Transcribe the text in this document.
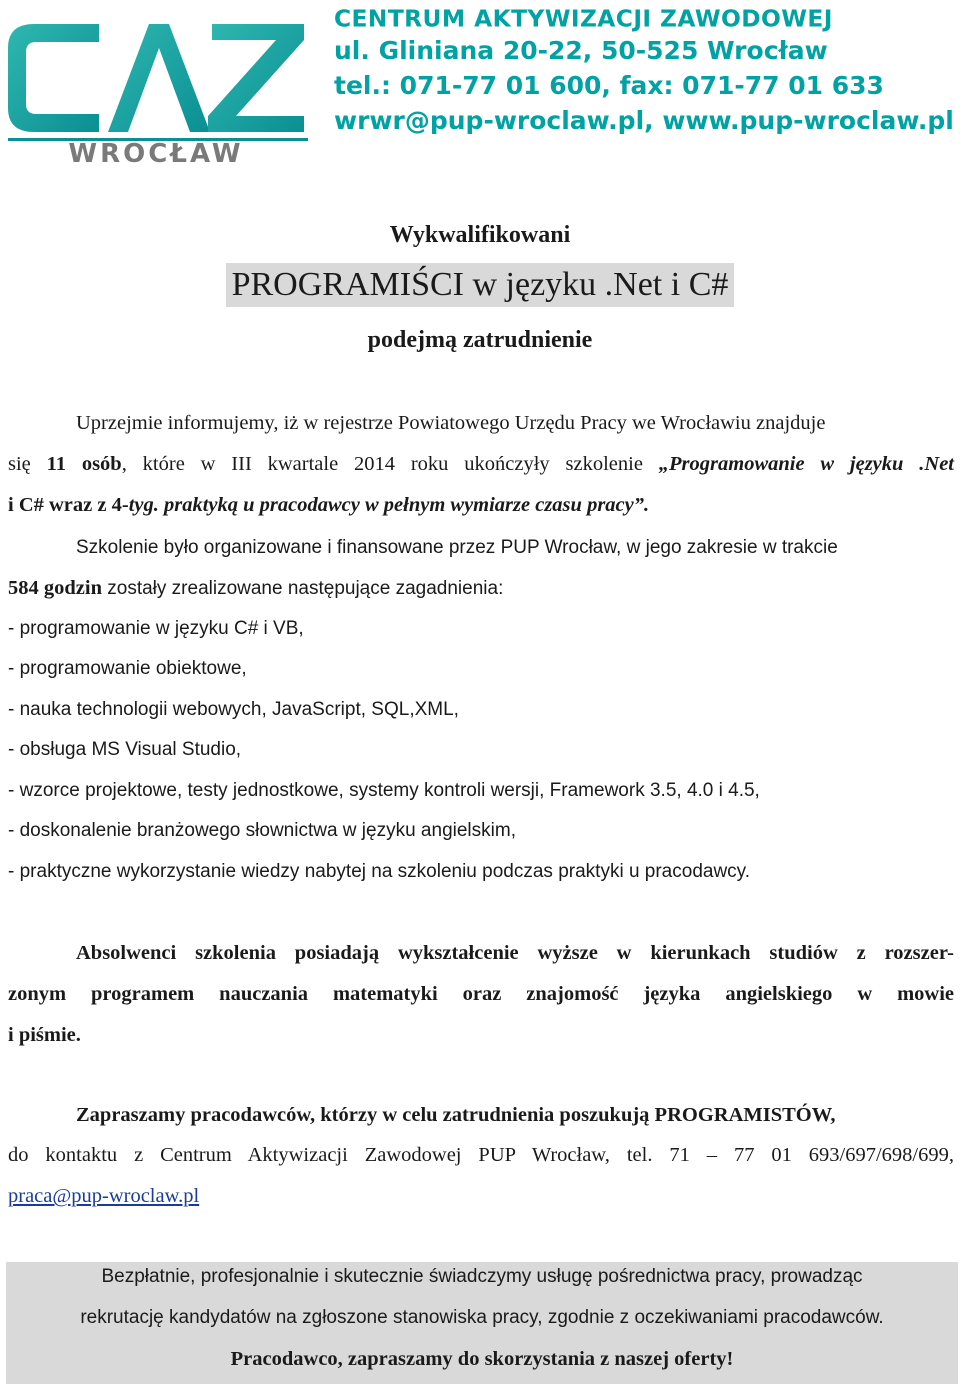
WROCŁAW
CENTRUM AKTYWIZACJI ZAWODOWEJ
ul. Gliniana 20-22, 50-525 Wrocław
tel.: 071-77 01 600, fax: 071-77 01 633
wrwr@pup-wroclaw.pl, www.pup-wroclaw.pl
Wykwalifikowani
PROGRAMIŚCI w języku .Net i C#
podejmą zatrudnienie
Uprzejmie informujemy, iż w rejestrze Powiatowego Urzędu Pracy we Wrocławiu znajduje
się 11 osób, które w III kwartale 2014 roku ukończyły szkolenie „Programowanie w języku .Net
i C# wraz z 4-tyg. praktyką u pracodawcy w pełnym wymiarze czasu pracy”.
Szkolenie było organizowane i finansowane przez PUP Wrocław, w jego zakresie w trakcie
584 godzin zostały zrealizowane następujące zagadnienia:
- programowanie w języku C# i VB,
- programowanie obiektowe,
- nauka technologii webowych, JavaScript, SQL,XML,
- obsługa MS Visual Studio,
- wzorce projektowe, testy jednostkowe, systemy kontroli wersji, Framework 3.5, 4.0 i 4.5,
- doskonalenie branżowego słownictwa w języku angielskim,
- praktyczne wykorzystanie wiedzy nabytej na szkoleniu podczas praktyki u pracodawcy.
Absolwenci szkolenia posiadają wykształcenie wyższe w kierunkach studiów z rozszer-
zonym programem nauczania matematyki oraz znajomość języka angielskiego w mowie
i piśmie.
Zapraszamy pracodawców, którzy w celu zatrudnienia poszukują PROGRAMISTÓW,
do kontaktu z Centrum Aktywizacji Zawodowej PUP Wrocław, tel. 71 – 77 01 693/697/698/699,
praca@pup-wroclaw.pl
Bezpłatnie, profesjonalnie i skutecznie świadczymy usługę pośrednictwa pracy, prowadząc
rekrutację kandydatów na zgłoszone stanowiska pracy, zgodnie z oczekiwaniami pracodawców.
Pracodawco, zapraszamy do skorzystania z naszej oferty!
